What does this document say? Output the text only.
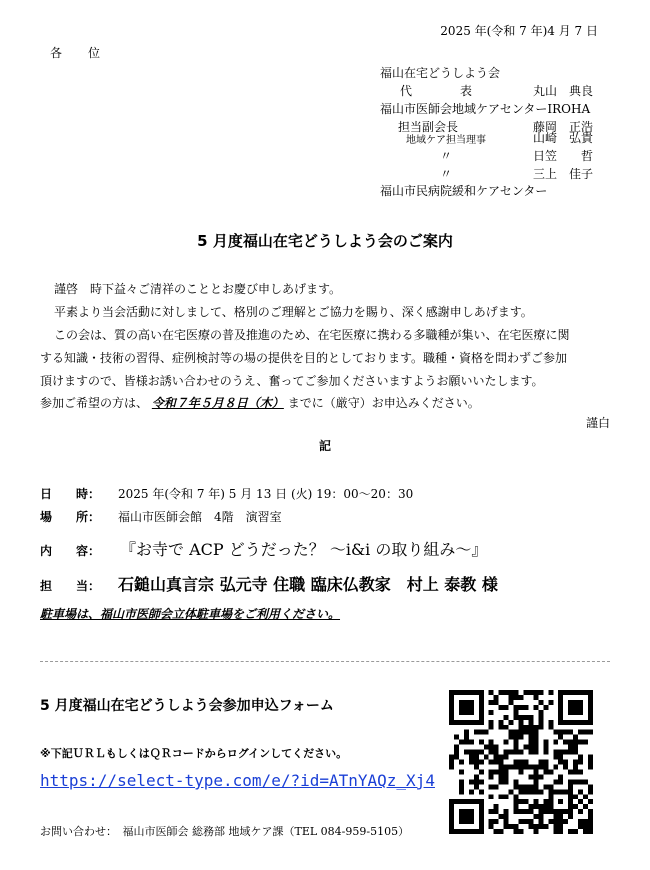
2025 年(令和 7 年)4 月 7 日
各位
福山在宅どうしよう会
代　　表	丸山　典良
福山市医師会地域ケアセンターIROHA
担当副会長	藤岡　正浩
地域ケア担当理事	山崎　弘貴
〃	日笠　　哲
〃	三上　佳子
福山市民病院緩和ケアセンター
5 月度福山在宅どうしよう会のご案内
謹啓　時下益々ご清祥のこととお慶び申しあげます。
平素より当会活動に対しまして、格別のご理解とご協力を賜り、深く感謝申しあげます。
この会は、質の高い在宅医療の普及推進のため、在宅医療に携わる多職種が集い、在宅医療に関
する知識・技術の習得、症例検討等の場の提供を目的としております。職種・資格を問わずご参加
頂けますので、皆様お誘い合わせのうえ、奮ってご参加くださいますようお願いいたします。
参加ご希望の方は、 令和７年５月８日（木） までに（厳守）お申込みください。
謹白
記
日　　時： 2025 年(令和 7 年) 5 月 13 日 (火) 19：00～20：30
場　　所： 福山市医師会館　4階　演習室
内　　容： 『お寺で ACP どうだった？ ～i&i の取り組み～』
担　　当： 石鎚山真言宗 弘元寺 住職 臨床仏教家　村上 泰教 様
駐車場は、福山市医師会立体駐車場をご利用ください。
5 月度福山在宅どうしよう会参加申込フォーム
※下記ＵＲＬもしくはＱＲコードからログインしてください。
https://select-type.com/e/?id=ATnYAQz_Xj4
お問い合わせ：　福山市医師会 総務部 地域ケア課（TEL 084-959-5105）
